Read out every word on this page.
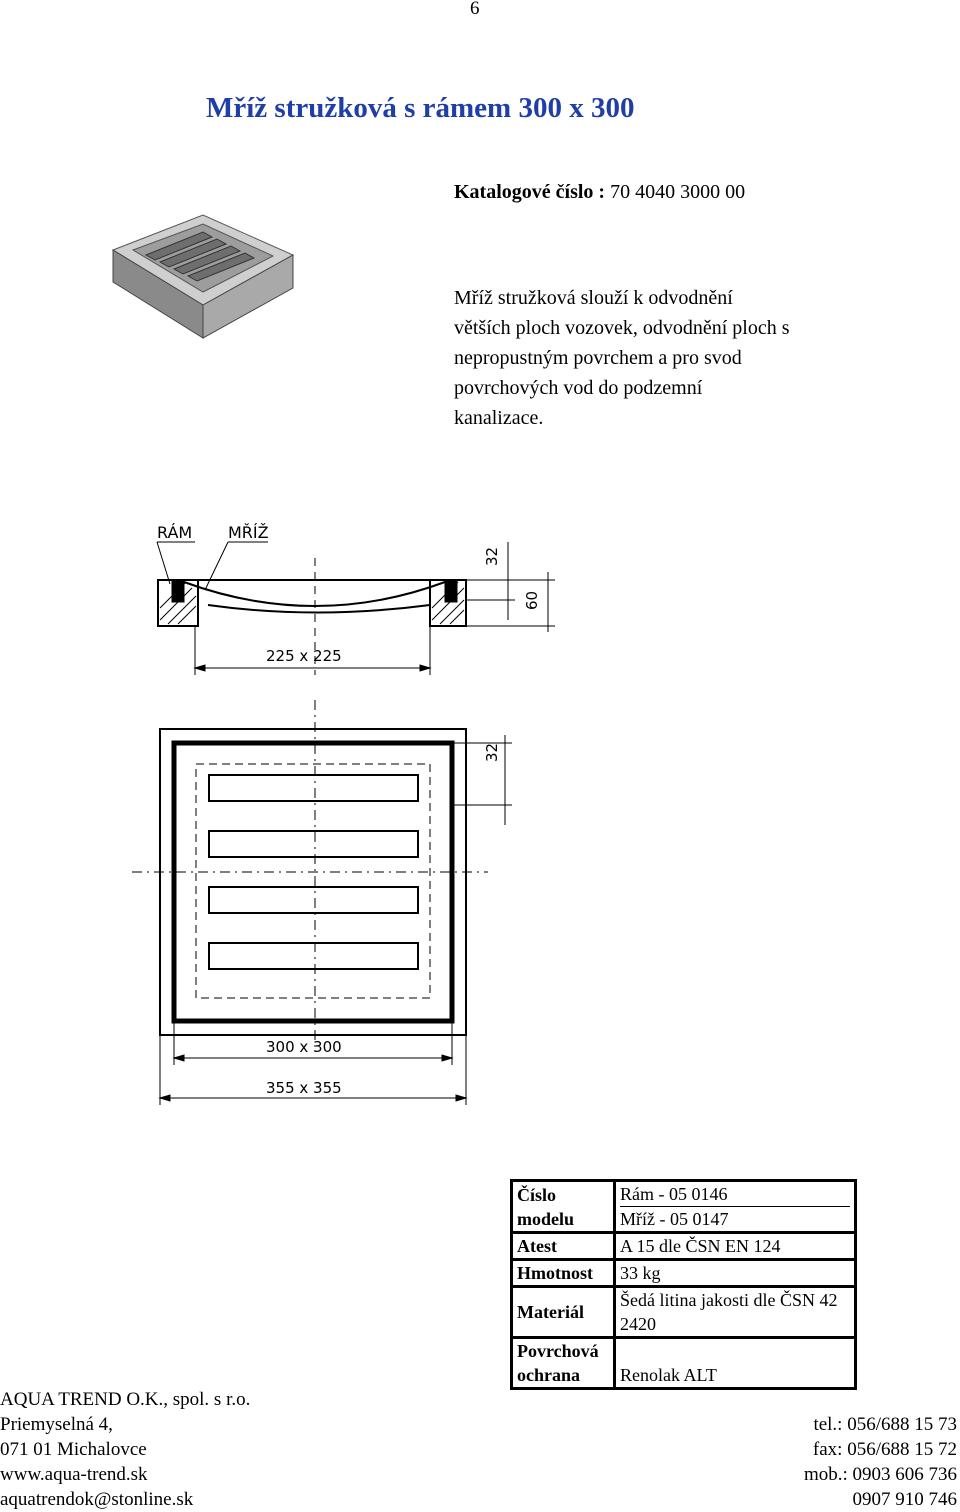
6
Mříž stružková s rámem 300 x 300
Katalogové číslo : 70 4040 3000 00
Mříž stružková slouží k odvodnění
větších ploch vozovek, odvodnění ploch s
nepropustným povrchem a pro svod
povrchových vod do podzemní
kanalizace.
RÁM MŘÍŽ
32
60
225 x 225
32
300 x 300
355 x 355
Číslo modelu	Rám - 05 0146
Mříž - 05 0147

Atest	A 15 dle ČSN EN 124
Hmotnost	33 kg
Materiál	Šedá litina jakosti dle ČSN 42 2420
Povrchová ochrana	Renolak ALT
AQUA TREND O.K., spol. s r.o.
Priemyselná 4,
071 01 Michalovce
www.aqua-trend.sk
aquatrendok@stonline.sk
tel.: 056/688 15 73
fax: 056/688 15 72
mob.: 0903 606 736
0907 910 746
